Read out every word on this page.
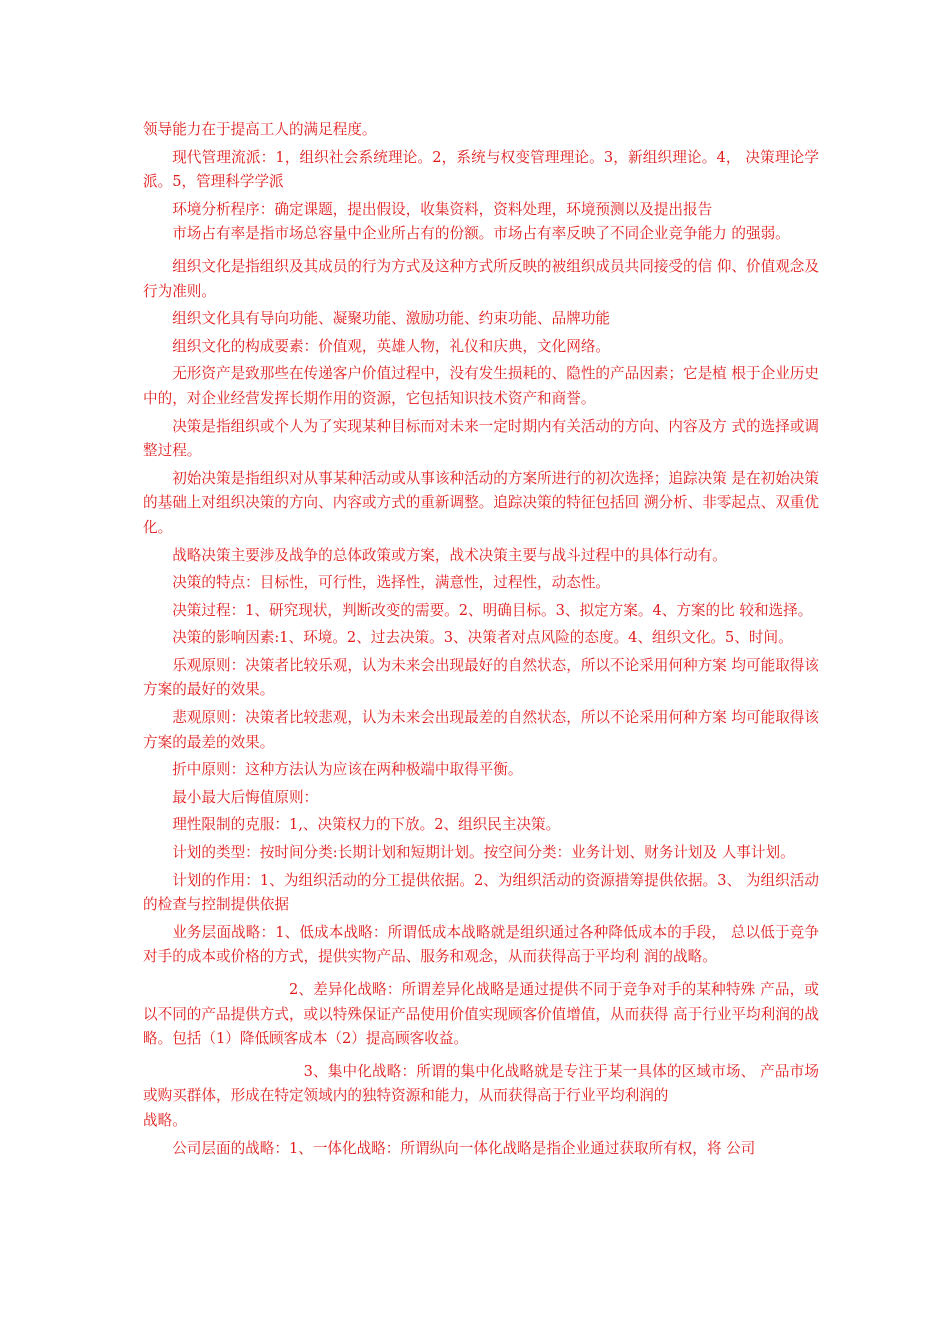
领导能力在于提高工人的满足程度。

现代管理流派：1，组织社会系统理论。2，系统与权变管理理论。3，新组织理论。4， 决策理论学派。5，管理科学学派

环境分析程序：确定课题，提出假设，收集资料，资料处理，环境预测以及提出报告

市场占有率是指市场总容量中企业所占有的份额。市场占有率反映了不同企业竞争能力 的强弱。

组织文化是指组织及其成员的行为方式及这种方式所反映的被组织成员共同接受的信 仰、价值观念及行为准则。

组织文化具有导向功能、凝聚功能、激励功能、约束功能、品牌功能

组织文化的构成要素：价值观，英雄人物，礼仪和庆典，文化网络。

无形资产是致那些在传递客户价值过程中，没有发生损耗的、隐性的产品因素；它是植 根于企业历史中的，对企业经营发挥长期作用的资源，它包括知识技术资产和商誉。

决策是指组织或个人为了实现某种目标而对未来一定时期内有关活动的方向、内容及方 式的选择或调整过程。

初始决策是指组织对从事某种活动或从事该种活动的方案所进行的初次选择；追踪决策 是在初始决策的基础上对组织决策的方向、内容或方式的重新调整。追踪决策的特征包括回 溯分析、非零起点、双重优化。

战略决策主要涉及战争的总体政策或方案，战术决策主要与战斗过程中的具体行动有。

决策的特点：目标性，可行性，选择性，满意性，过程性，动态性。

决策过程：1、研究现状，判断改变的需要。2、明确目标。3、拟定方案。4、方案的比 较和选择。

决策的影响因素:1、环境。2、过去决策。3、决策者对点风险的态度。4、组织文化。5、时间。

乐观原则：决策者比较乐观，认为未来会出现最好的自然状态，所以不论采用何种方案 均可能取得该方案的最好的效果。

悲观原则：决策者比较悲观，认为未来会出现最差的自然状态，所以不论采用何种方案 均可能取得该方案的最差的效果。

折中原则：这种方法认为应该在两种极端中取得平衡。

最小最大后悔值原则：

理性限制的克服：1,、决策权力的下放。2、组织民主决策。

计划的类型：按时间分类:长期计划和短期计划。按空间分类：业务计划、财务计划及 人事计划。

计划的作用：1、为组织活动的分工提供依据。2、为组织活动的资源措筹提供依据。3、 为组织活动的检查与控制提供依据

业务层面战略：1、低成本战略：所谓低成本战略就是组织通过各种降低成本的手段， 总以低于竞争对手的成本或价格的方式，提供实物产品、服务和观念，从而获得高于平均利 润的战略。

2、差异化战略：所谓差异化战略是通过提供不同于竞争对手的某种特殊 产品，或以不同的产品提供方式，或以特殊保证产品使用价值实现顾客价值增值，从而获得 高于行业平均利润的战略。包括（1）降低顾客成本（2）提高顾客收益。

3、集中化战略：所谓的集中化战略就是专注于某一具体的区域市场、 产品市场或购买群体，形成在特定领域内的独特资源和能力，从而获得高于行业平均利润的

战略。

公司层面的战略：1、一体化战略：所谓纵向一体化战略是指企业通过获取所有权，将 公司
